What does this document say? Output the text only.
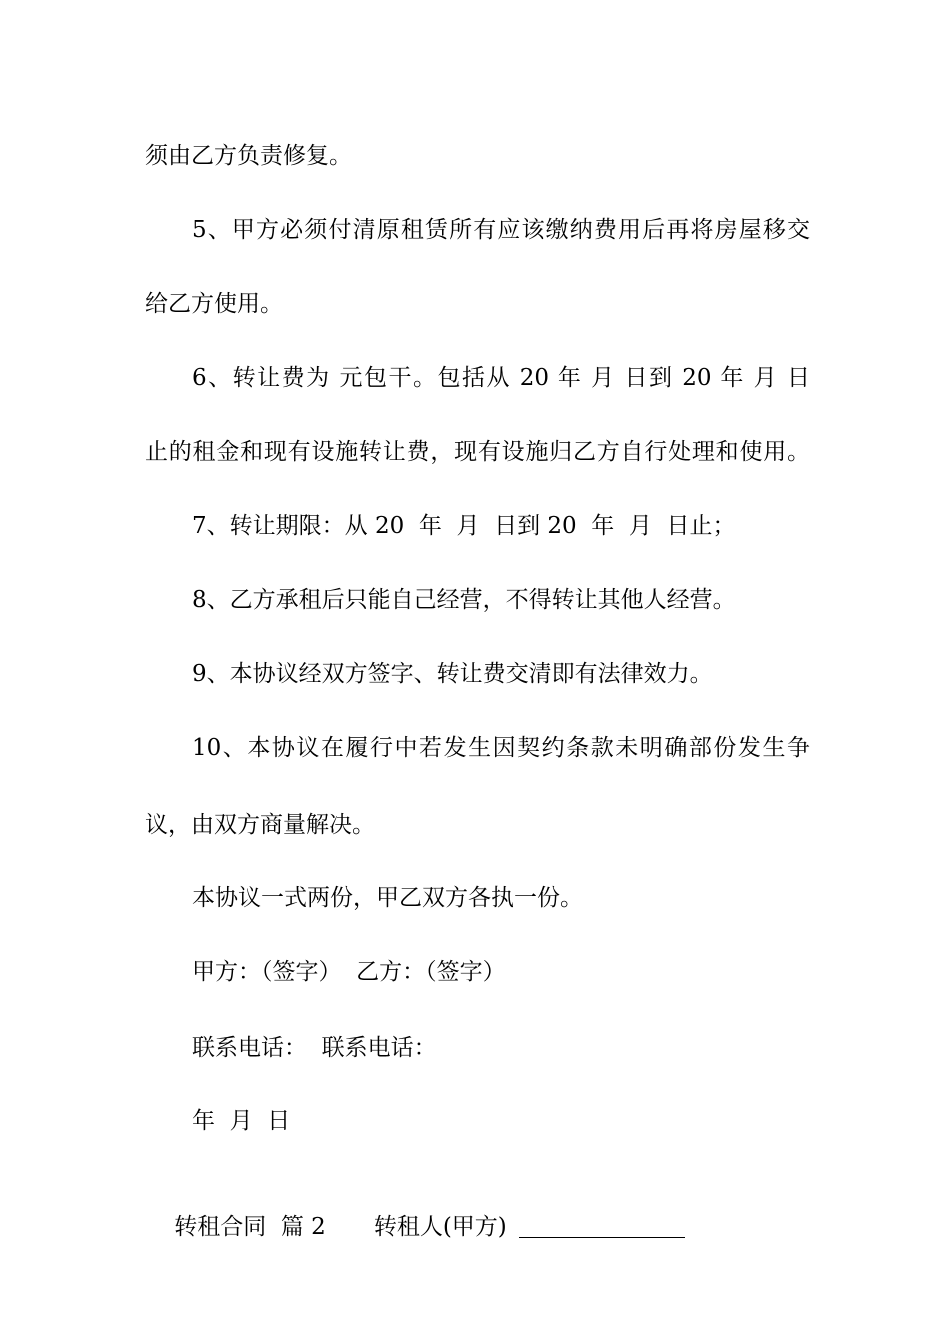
须由乙方负责修复。
5、甲方必须付清原租赁所有应该缴纳费用后再将房屋移交
给乙方使用。
6、转让费为 元包干。包括从 20 年 月 日到 20 年 月 日
止的租金和现有设施转让费，现有设施归乙方自行处理和使用。
7、转让期限：从 20  年  月  日到 20  年  月  日止；
8、乙方承租后只能自己经营，不得转让其他人经营。
9、本协议经双方签字、转让费交清即有法律效力。
10、本协议在履行中若发生因契约条款未明确部份发生争
议，由双方商量解决。
本协议一式两份，甲乙双方各执一份。
甲方：（签字）  乙方：（签字）
联系电话：  联系电话：
年  月  日

转租合同  篇 2 转租人(甲方)
